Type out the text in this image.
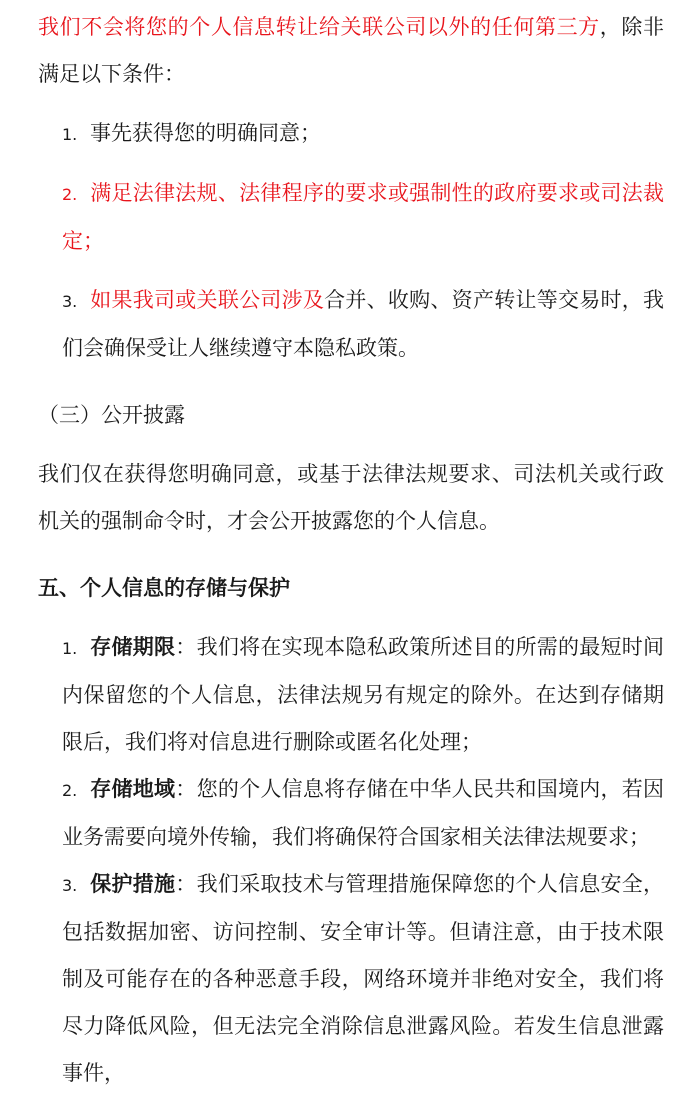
我们不会将您的个人信息转让给关联公司以外的任何第三方，除非满足以下条件：

1. 事先获得您的明确同意；

2. 满足法律法规、法律程序的要求或强制性的政府要求或司法裁定；

3. 如果我司或关联公司涉及合并、收购、资产转让等交易时，我们会确保受让人继续遵守本隐私政策。

（三）公开披露

我们仅在获得您明确同意，或基于法律法规要求、司法机关或行政机关的强制命令时，才会公开披露您的个人信息。

五、个人信息的存储与保护

1. 存储期限：我们将在实现本隐私政策所述目的所需的最短时间内保留您的个人信息，法律法规另有规定的除外。在达到存储期限后，我们将对信息进行删除或匿名化处理；

2. 存储地域：您的个人信息将存储在中华人民共和国境内，若因业务需要向境外传输，我们将确保符合国家相关法律法规要求；

3. 保护措施：我们采取技术与管理措施保障您的个人信息安全，包括数据加密、访问控制、安全审计等。但请注意，由于技术限制及可能存在的各种恶意手段，网络环境并非绝对安全，我们将尽力降低风险，但无法完全消除信息泄露风险。若发生信息泄露事件，
